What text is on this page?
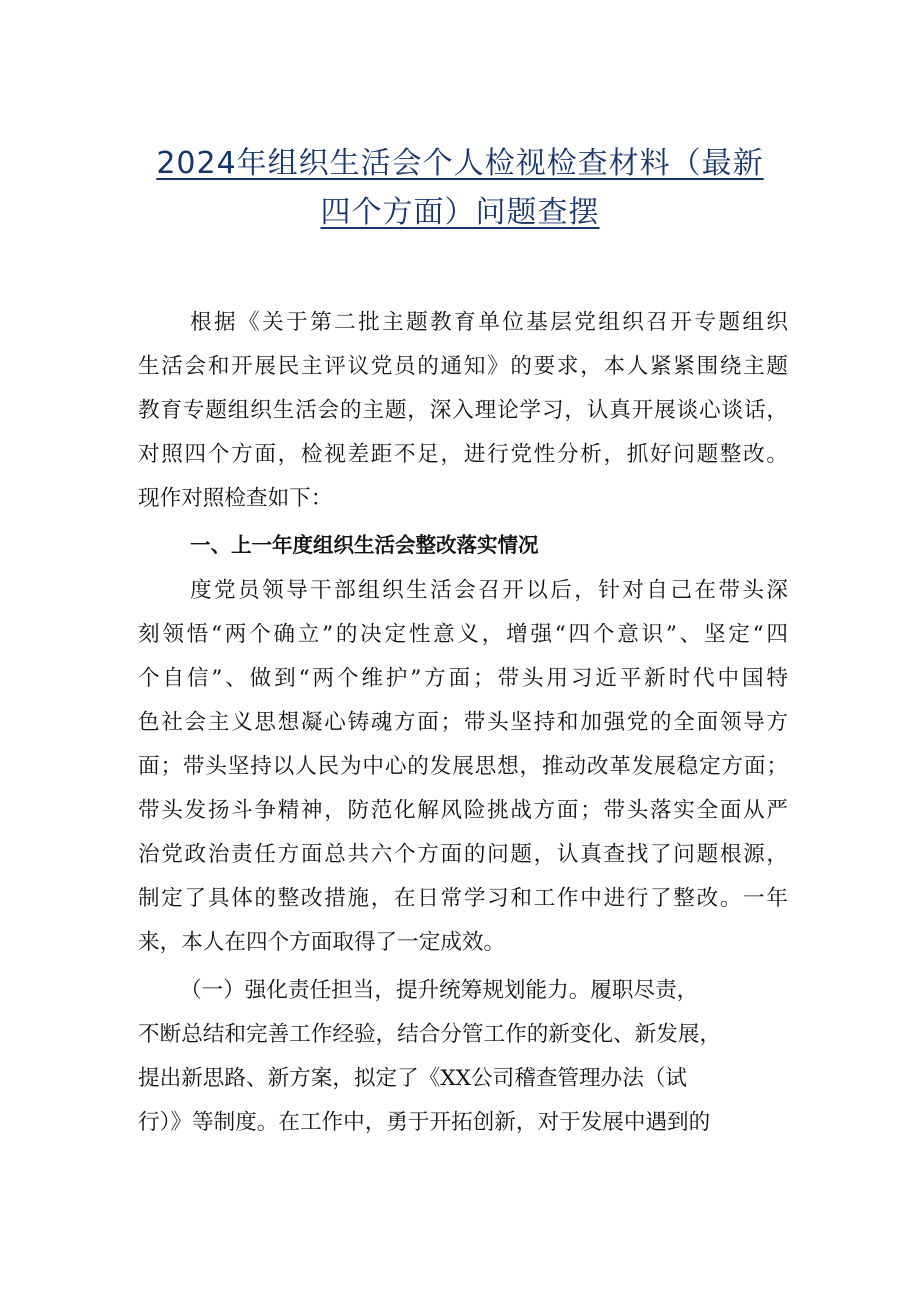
2024年组织生活会个人检视检查材料（最新
四个方面）问题查摆
根据《关于第二批主题教育单位基层党组织召开专题组织
生活会和开展民主评议党员的通知》的要求，本人紧紧围绕主题
教育专题组织生活会的主题，深入理论学习，认真开展谈心谈话，
对照四个方面，检视差距不足，进行党性分析，抓好问题整改。
现作对照检查如下：
一、上一年度组织生活会整改落实情况
度党员领导干部组织生活会召开以后，针对自己在带头深
刻领悟“两个确立”的决定性意义，增强“四个意识”、坚定“四
个自信”、做到“两个维护”方面；带头用习近平新时代中国特
色社会主义思想凝心铸魂方面；带头坚持和加强党的全面领导方
面；带头坚持以人民为中心的发展思想，推动改革发展稳定方面；
带头发扬斗争精神，防范化解风险挑战方面；带头落实全面从严
治党政治责任方面总共六个方面的问题，认真查找了问题根源，
制定了具体的整改措施，在日常学习和工作中进行了整改。一年
来，本人在四个方面取得了一定成效。
（一）强化责任担当，提升统筹规划能力。履职尽责，
不断总结和完善工作经验，结合分管工作的新变化、新发展，
提出新思路、新方案，拟定了《XX公司稽查管理办法（试
行）》等制度。在工作中，勇于开拓创新，对于发展中遇到的
